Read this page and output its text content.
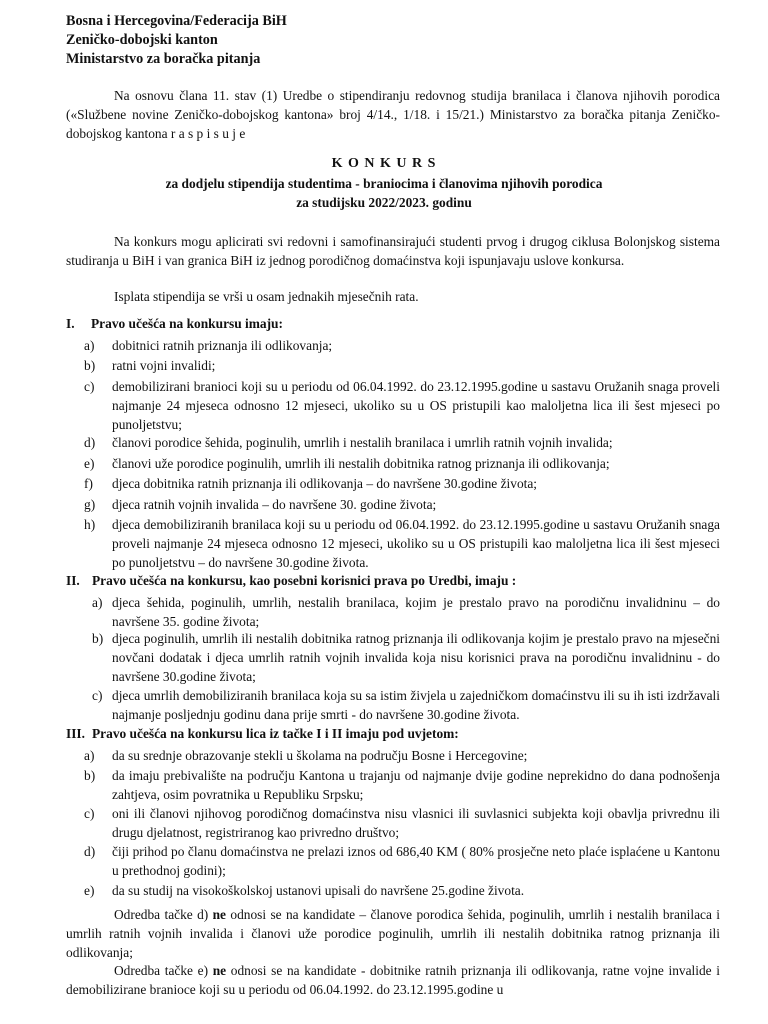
Bosna i Hercegovina/Federacija BiH
Zeničko-dobojski kanton
Ministarstvo za boračka pitanja
Na osnovu člana 11. stav (1) Uredbe o stipendiranju redovnog studija branilaca i članova njihovih porodica («Službene novine Zeničko-dobojskog kantona» broj 4/14., 1/18. i 15/21.) Ministarstvo za boračka pitanja Zeničko-dobojskog kantona r a s p i s u j e
K O N K U R S
za dodjelu stipendija studentima - braniocima i članovima njihovih porodica
za studijsku 2022/2023. godinu
Na konkurs mogu aplicirati svi redovni i samofinansirajući studenti prvog i drugog ciklusa Bolonjskog sistema studiranja u BiH i van granica BiH iz jednog porodičnog domaćinstva koji ispunjavaju uslove konkursa.
Isplata stipendija se vrši u osam jednakih mjesečnih rata.
I. Pravo učešća na konkursu imaju:
a)	dobitnici ratnih priznanja ili odlikovanja;
b)	ratni vojni invalidi;
c)	demobilizirani branioci koji su u periodu od 06.04.1992. do 23.12.1995.godine u sastavu Oružanih snaga proveli najmanje 24 mjeseca odnosno 12 mjeseci, ukoliko su u OS pristupili kao maloljetna lica ili šest mjeseci po punoljetstvu;
d)	članovi porodice šehida, poginulih, umrlih i nestalih branilaca i umrlih ratnih vojnih invalida;
e)	članovi uže porodice poginulih, umrlih ili nestalih dobitnika ratnog priznanja ili odlikovanja;
f)	djeca dobitnika ratnih priznanja ili odlikovanja – do navršene 30.godine života;
g)	djeca ratnih vojnih invalida – do navršene 30. godine života;
h)	djeca demobiliziranih branilaca koji su u periodu od 06.04.1992. do 23.12.1995.godine u sastavu Oružanih snaga proveli najmanje 24 mjeseca odnosno 12 mjeseci, ukoliko su u OS pristupili kao maloljetna lica ili šest mjeseci po punoljetstvu – do navršene 30.godine života.
II. Pravo učešća na konkursu, kao posebni korisnici prava po Uredbi, imaju :
a) djeca šehida, poginulih, umrlih, nestalih branilaca, kojim je prestalo pravo na porodičnu invalidninu – do navršene 35. godine života;
b) djeca poginulih, umrlih ili nestalih dobitnika ratnog priznanja ili odlikovanja kojim je prestalo pravo na mjesečni novčani dodatak i djeca umrlih ratnih vojnih invalida koja nisu korisnici prava na porodičnu invalidninu - do navršene 30.godine života;
c) djeca umrlih demobiliziranih branilaca koja su sa istim živjela u zajedničkom domaćinstvu ili su ih isti izdržavali najmanje posljednju godinu dana prije smrti - do navršene 30.godine života.
III. Pravo učešća na konkursu lica iz tačke I i II imaju pod uvjetom:
a)	da su srednje obrazovanje stekli u školama na području Bosne i Hercegovine;
b)	da imaju prebivalište na području Kantona u trajanju od najmanje dvije godine neprekidno do dana podnošenja zahtjeva, osim povratnika u Republiku Srpsku;
c)	oni ili članovi njihovog porodičnog domaćinstva nisu vlasnici ili suvlasnici subjekta koji obavlja privrednu ili drugu djelatnost, registriranog kao privredno društvo;
d)	čiji prihod po članu domaćinstva ne prelazi iznos od 686,40 KM ( 80% prosječne neto plaće isplaćene u Kantonu u prethodnoj godini);
e)	da su studij na visokoškolskoj ustanovi upisali do navršene 25.godine života.
Odredba tačke d) ne odnosi se na kandidate – članove porodica šehida, poginulih, umrlih i nestalih branilaca i umrlih ratnih vojnih invalida i članovi uže porodice poginulih, umrlih ili nestalih dobitnika ratnog priznanja ili odlikovanja;
Odredba tačke e) ne odnosi se na kandidate - dobitnike ratnih priznanja ili odlikovanja, ratne vojne invalide i demobilizirane branioce koji su u periodu od 06.04.1992. do 23.12.1995.godine u
